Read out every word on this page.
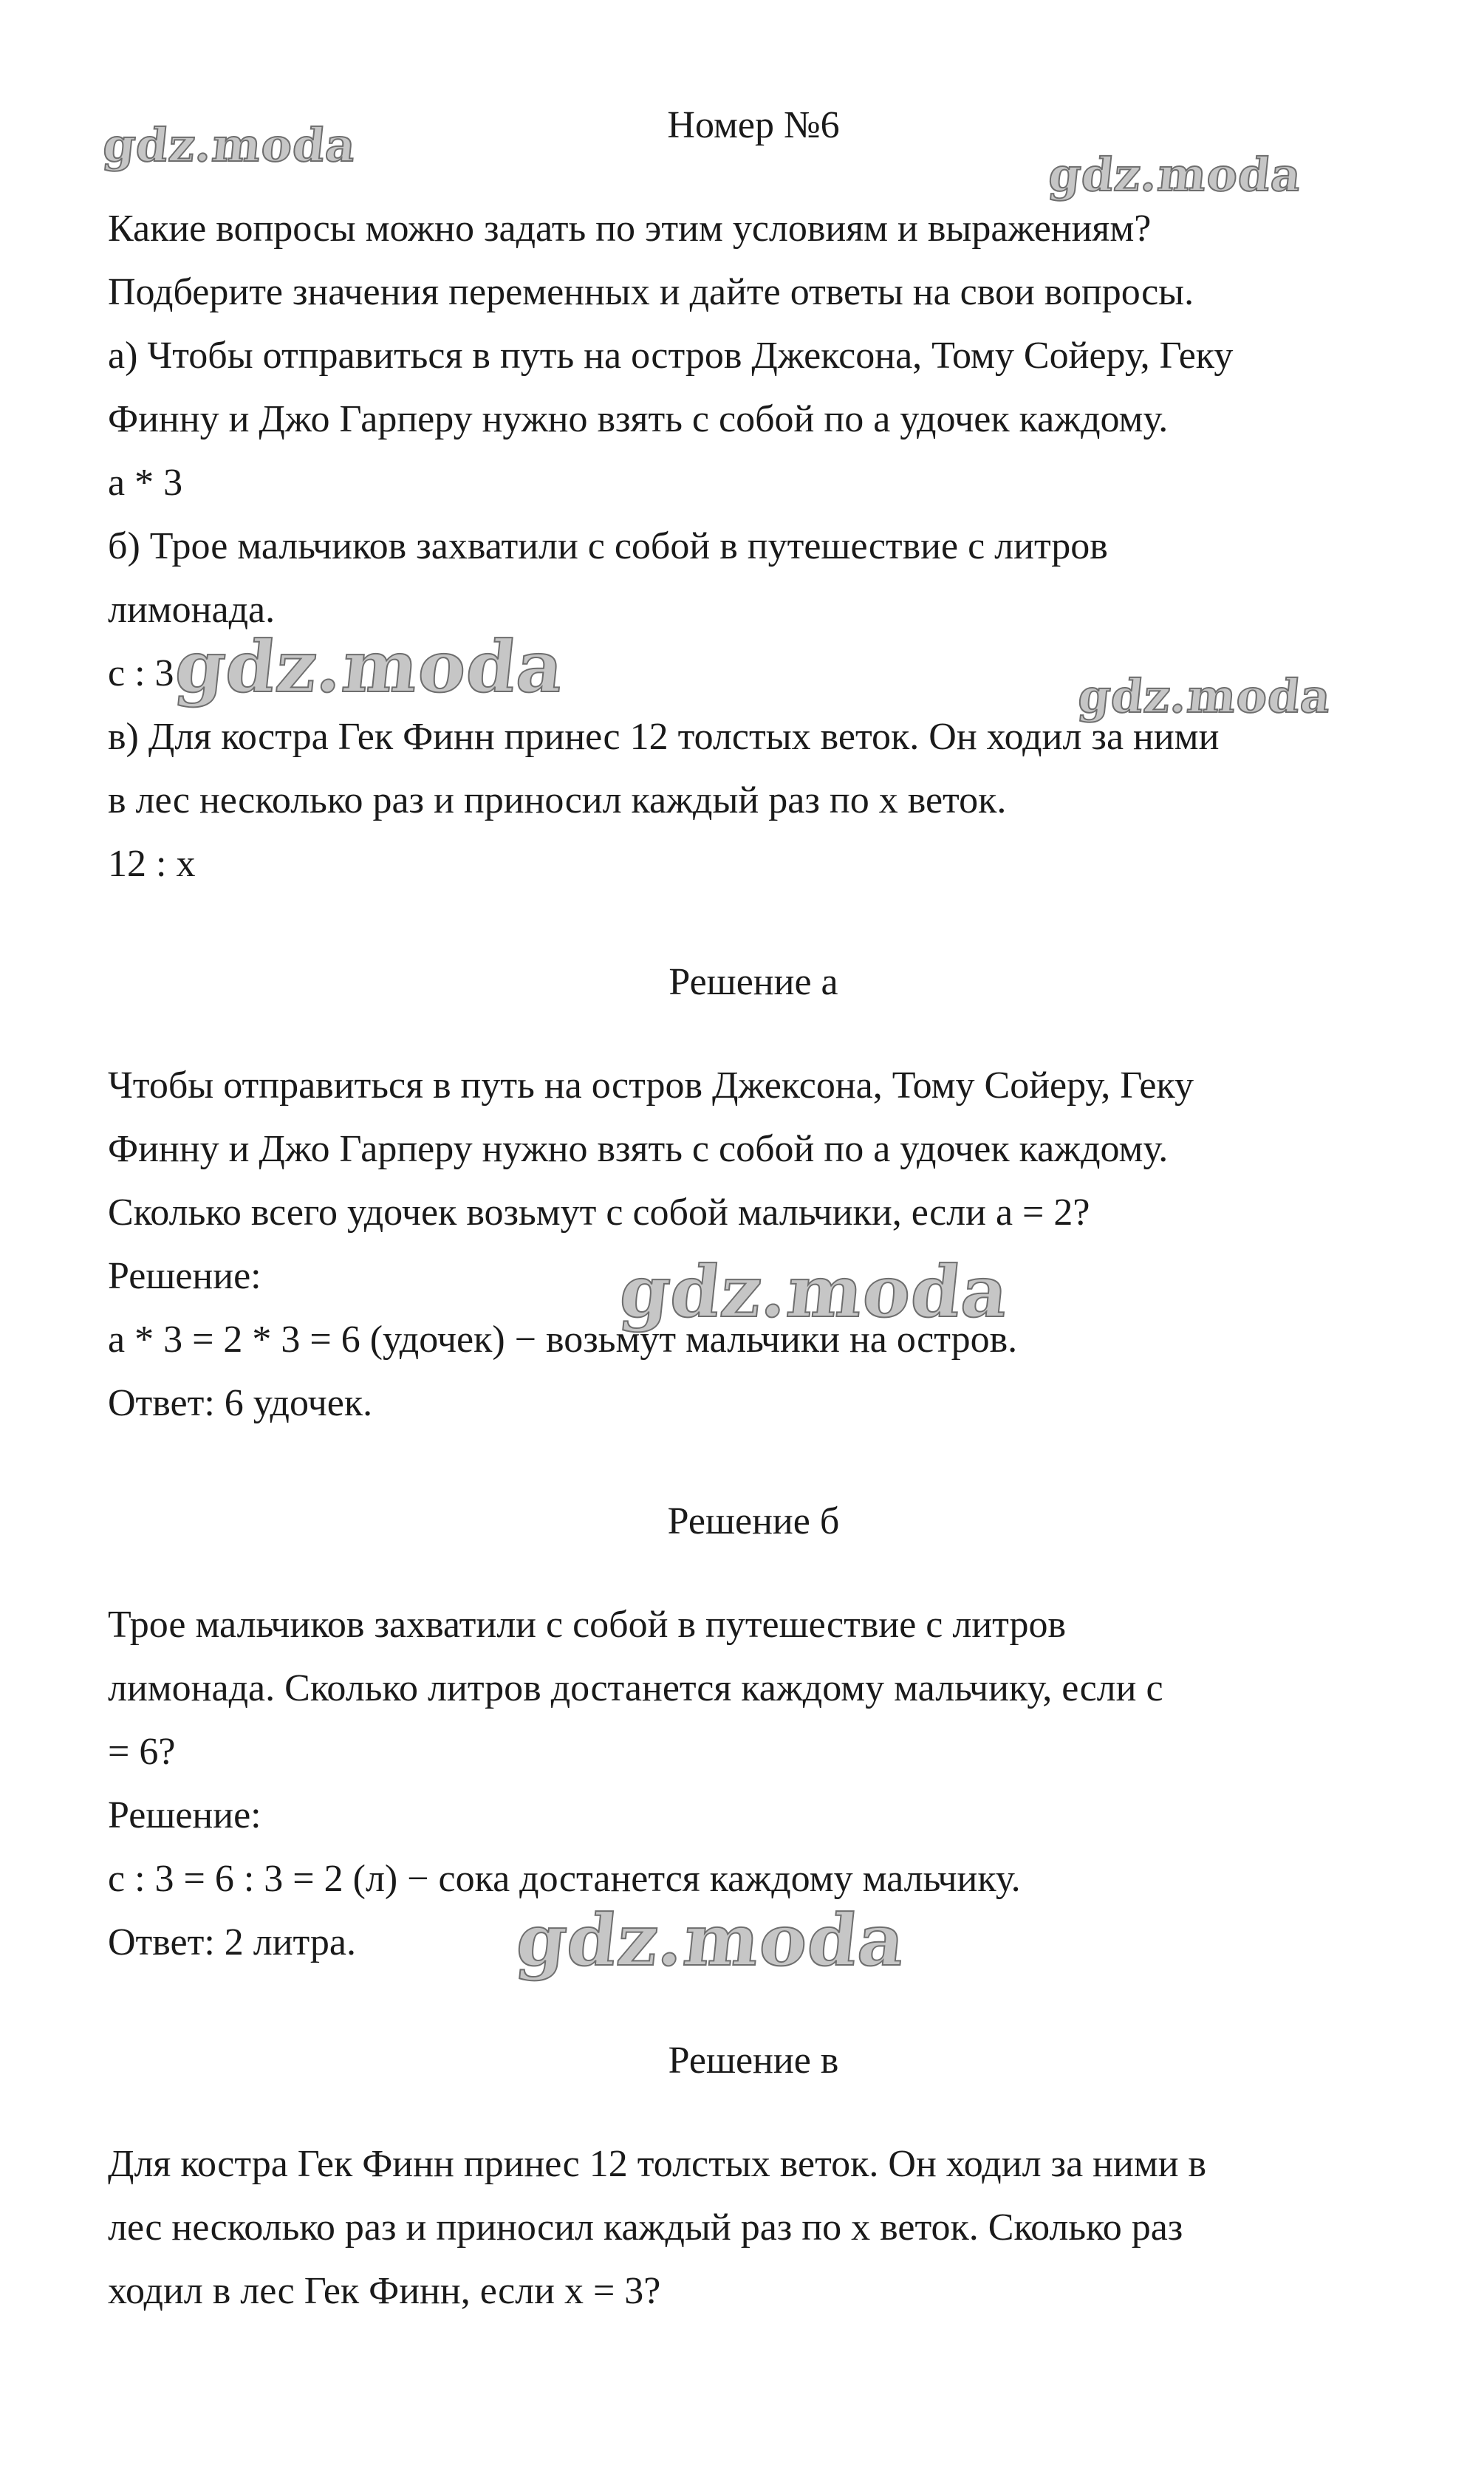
Номер №6
Какие вопросы можно задать по этим условиям и выражениям?
Подберите значения переменных и дайте ответы на свои вопросы.
а) Чтобы отправиться в путь на остров Джексона, Тому Сойеру, Геку
Финну и Джо Гарперу нужно взять с собой по a удочек каждому.
a * 3
б) Трое мальчиков захватили с собой в путешествие с литров
лимонада.
с : 3
в) Для костра Гек Финн принес 12 толстых веток. Он ходил за ними
в лес несколько раз и приносил каждый раз по х веток.
12 : х
Решение а
Чтобы отправиться в путь на остров Джексона, Тому Сойеру, Геку
Финну и Джо Гарперу нужно взять с собой по a удочек каждому.
Сколько всего удочек возьмут с собой мальчики, если a = 2?
Решение:
a * 3 = 2 * 3 = 6 (удочек) − возьмут мальчики на остров.
Ответ: 6 удочек.
Решение б
Трое мальчиков захватили с собой в путешествие с литров
лимонада. Сколько литров достанется каждому мальчику, если с
= 6?
Решение:
с : 3 = 6 : 3 = 2 (л) − сока достанется каждому мальчику.
Ответ: 2 литра.
Решение в
Для костра Гек Финн принес 12 толстых веток. Он ходил за ними в
лес несколько раз и приносил каждый раз по х веток. Сколько раз
ходил в лес Гек Финн, если х = 3?
gdz.moda
gdz.moda
gdz.moda	gdz.moda
gdz.moda
gdz.moda
